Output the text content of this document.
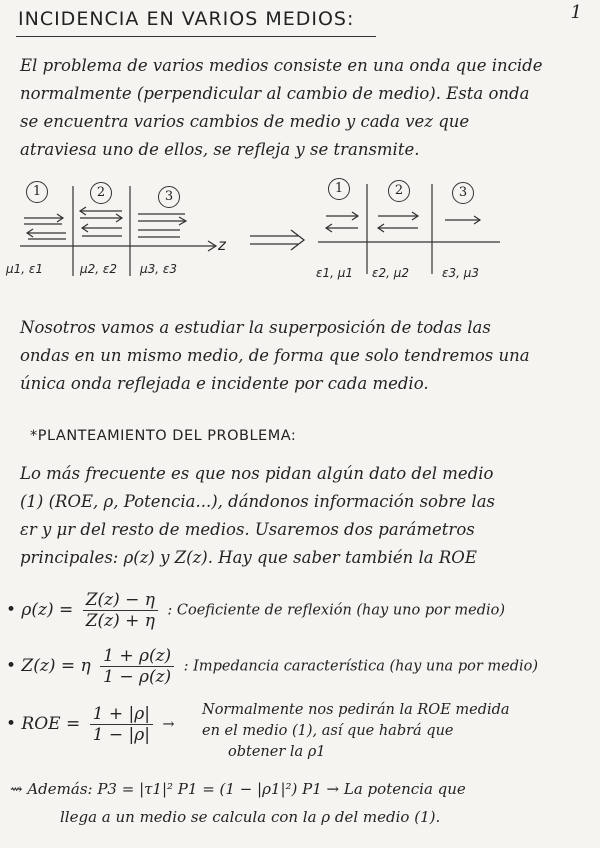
1
INCIDENCIA EN VARIOS MEDIOS:
El problema de varios medios consiste en una onda que incide
normalmente (perpendicular al cambio de medio). Esta onda
se encuentra varios cambios de medio y cada vez que
atraviesa uno de ellos, se refleja y se transmite.
1	2	3
z
μ1, ε1	μ2, ε2 μ3, ε3
1	2	3
ε1, μ1 ε2, μ2	ε3, μ3
Nosotros vamos a estudiar la superposición de todas las
ondas en un mismo medio, de forma que solo tendremos una
única onda reflejada e incidente por cada medio.
*PLANTEAMIENTO DEL PROBLEMA:
Lo más frecuente es que nos pidan algún dato del medio
(1) (ROE, ρ, Potencia...), dándonos información sobre las
εr y μr del resto de medios. Usaremos dos parámetros
principales: ρ(z) y Z(z). Hay que saber también la ROE
• $\rho(z) = \frac{Z(z) - \eta}{Z(z) + \eta}$ : Coeficiente de reflexión (hay uno por medio)
• Z(z) = η $\frac{1 + \rho(z)}{1 - \rho(z)}$ : Impedancia característica (hay una por medio)
• ROE = $\frac{1 + |\rho|}{1 - |\rho|}$ →
Normalmente nos pedirán la ROE medida
en el medio (1), así que habrá que
obtener la ρ1
⇝ Además: P3 = |τ1|² P1 = (1 − |ρ1|²) P1 → La potencia que
llega a un medio se calcula con la ρ del medio (1).
